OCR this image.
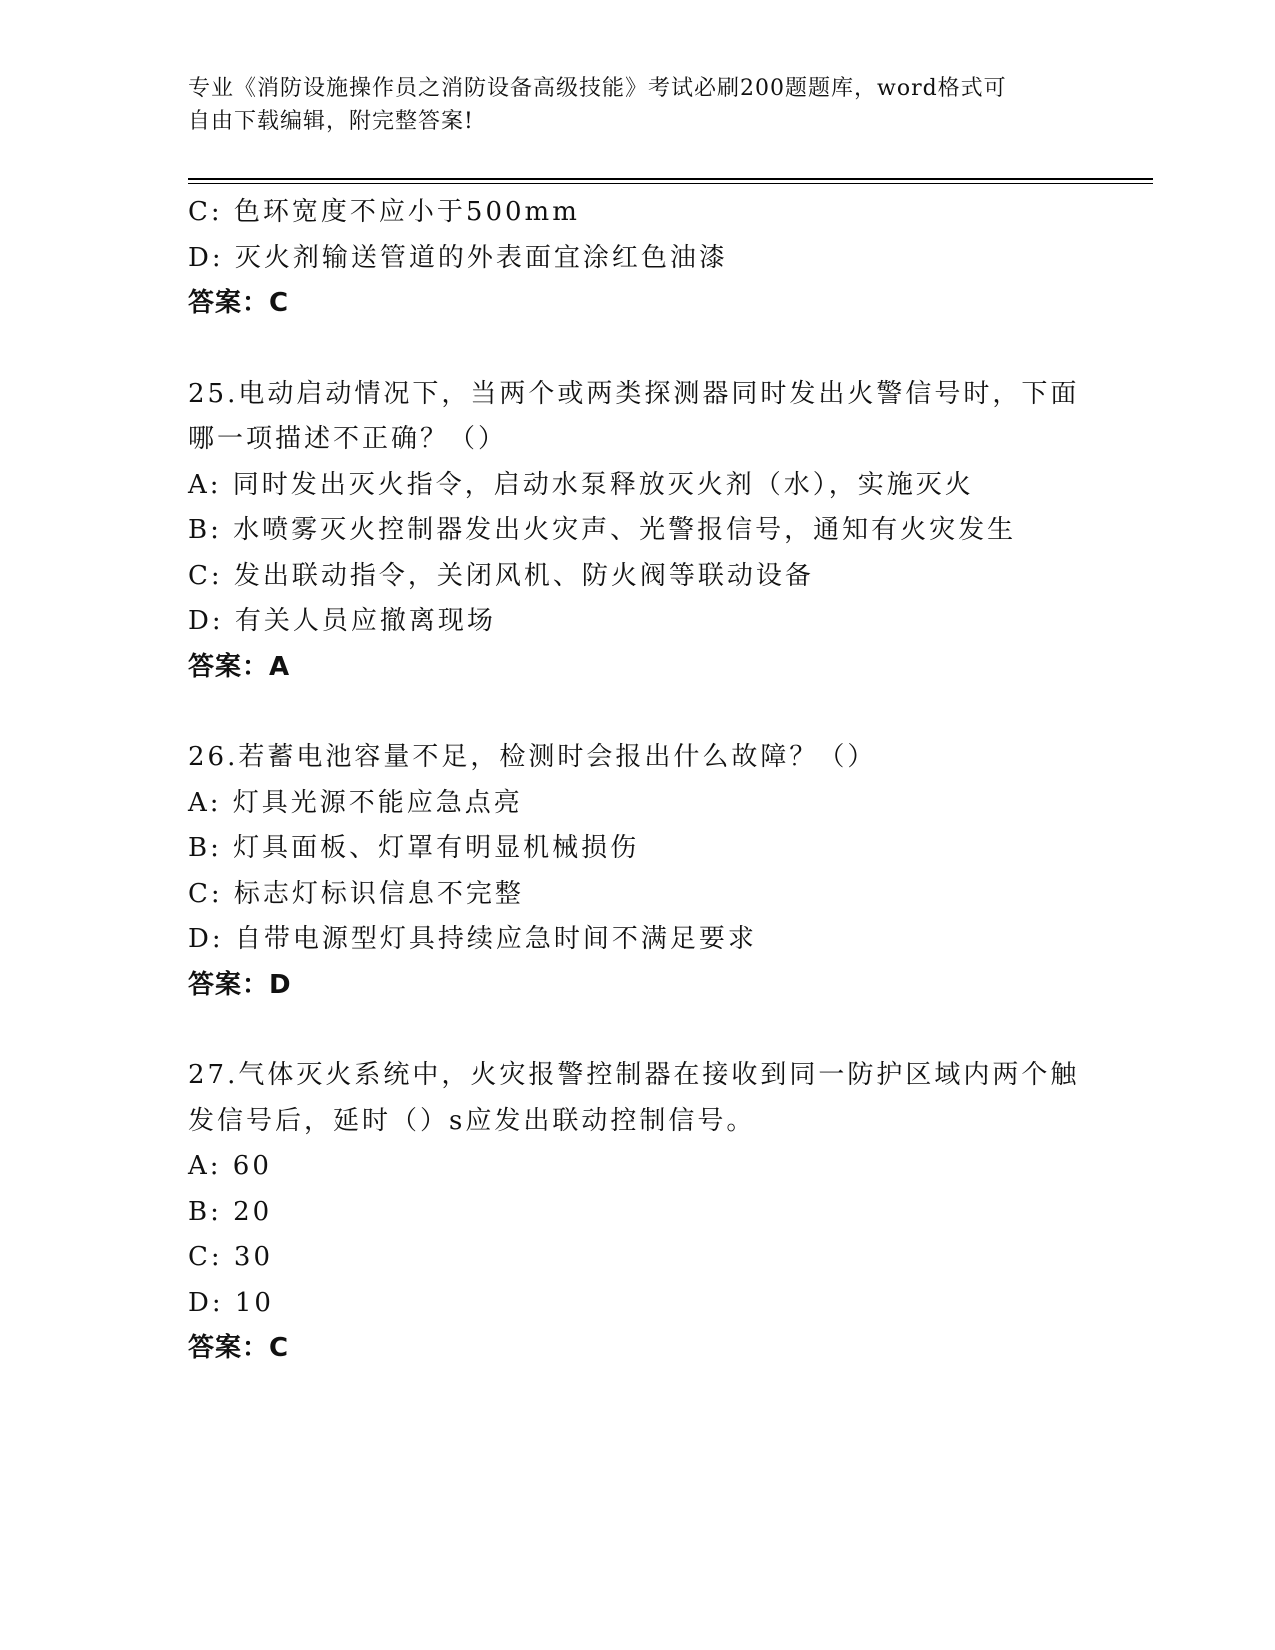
专业《消防设施操作员之消防设备高级技能》考试必刷200题题库，word格式可
自由下载编辑，附完整答案!
C: 色环宽度不应小于500mm
D: 灭火剂输送管道的外表面宜涂红色油漆
答案：C
25.电动启动情况下，当两个或两类探测器同时发出火警信号时，下面
哪一项描述不正确？（）
A: 同时发出灭火指令，启动水泵释放灭火剂（水），实施灭火
B: 水喷雾灭火控制器发出火灾声、光警报信号，通知有火灾发生
C: 发出联动指令，关闭风机、防火阀等联动设备
D: 有关人员应撤离现场
答案：A
26.若蓄电池容量不足，检测时会报出什么故障？（）
A: 灯具光源不能应急点亮
B: 灯具面板、灯罩有明显机械损伤
C: 标志灯标识信息不完整
D: 自带电源型灯具持续应急时间不满足要求
答案：D
27.气体灭火系统中，火灾报警控制器在接收到同一防护区域内两个触
发信号后，延时（）s应发出联动控制信号。
A: 60
B: 20
C: 30
D: 10
答案：C
